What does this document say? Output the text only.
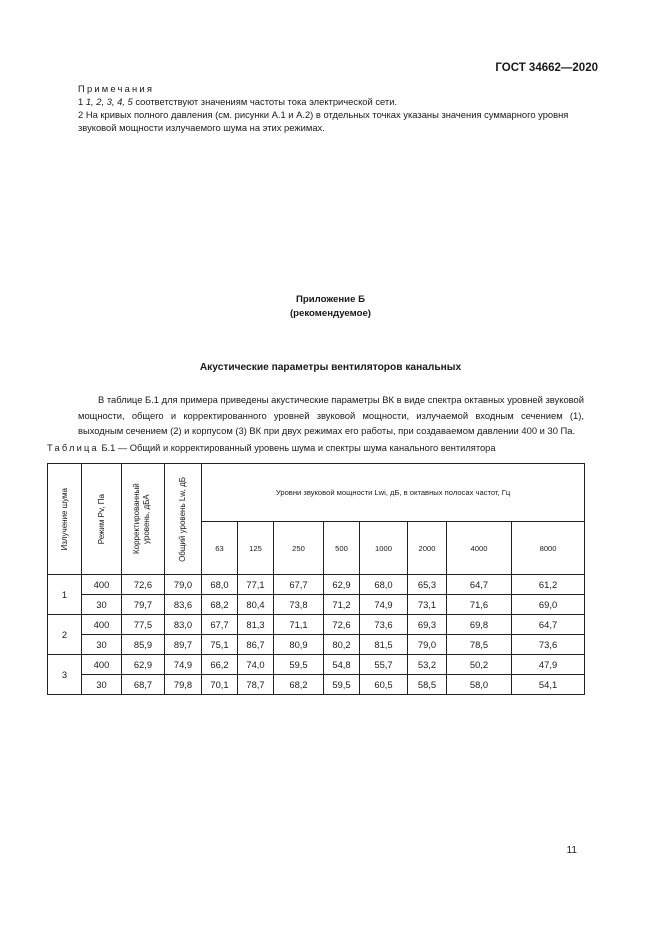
ГОСТ 34662—2020
Примечания
1 1, 2, 3, 4, 5 соответствуют значениям частоты тока электрической сети.
2 На кривых полного давления (см. рисунки А.1 и А.2) в отдельных точках указаны значения суммарного уровня звуковой мощности излучаемого шума на этих режимах.
Приложение Б
(рекомендуемое)
Акустические параметры вентиляторов канальных
В таблице Б.1 для примера приведены акустические параметры ВК в виде спектра октавных уровней звуковой мощности, общего и корректированного уровней звуковой мощности, излучаемой входным сечением (1), выходным сечением (2) и корпусом (3) ВК при двух режимах его работы, при создаваемом давлении 400 и 30 Па.
Таблица Б.1 — Общий и корректированный уровень шума и спектры шума канального вентилятора
Излучение шума	Режим Pv, Па	Корректированный уровень, дБА	Общий уровень Lw, дБ	Уровни звуковой мощности Lwi, дБ, в октавных полосах частот, Гц							
				63	125	250	500	1000	2000	4000	8000
1	400	72,6	79,0	68,0	77,1	67,7	62,9	68,0	65,3	64,7	61,2
	30	79,7	83,6	68,2	80,4	73,8	71,2	74,9	73,1	71,6	69,0
2	400	77,5	83,0	67,7	81,3	71,1	72,6	73,6	69,3	69,8	64,7
	30	85,9	89,7	75,1	86,7	80,9	80,2	81,5	79,0	78,5	73,6
3	400	62,9	74,9	66,2	74,0	59,5	54,8	55,7	53,2	50,2	47,9
	30	68,7	79,8	70,1	78,7	68,2	59,5	60,5	58,5	58,0	54,1
11
